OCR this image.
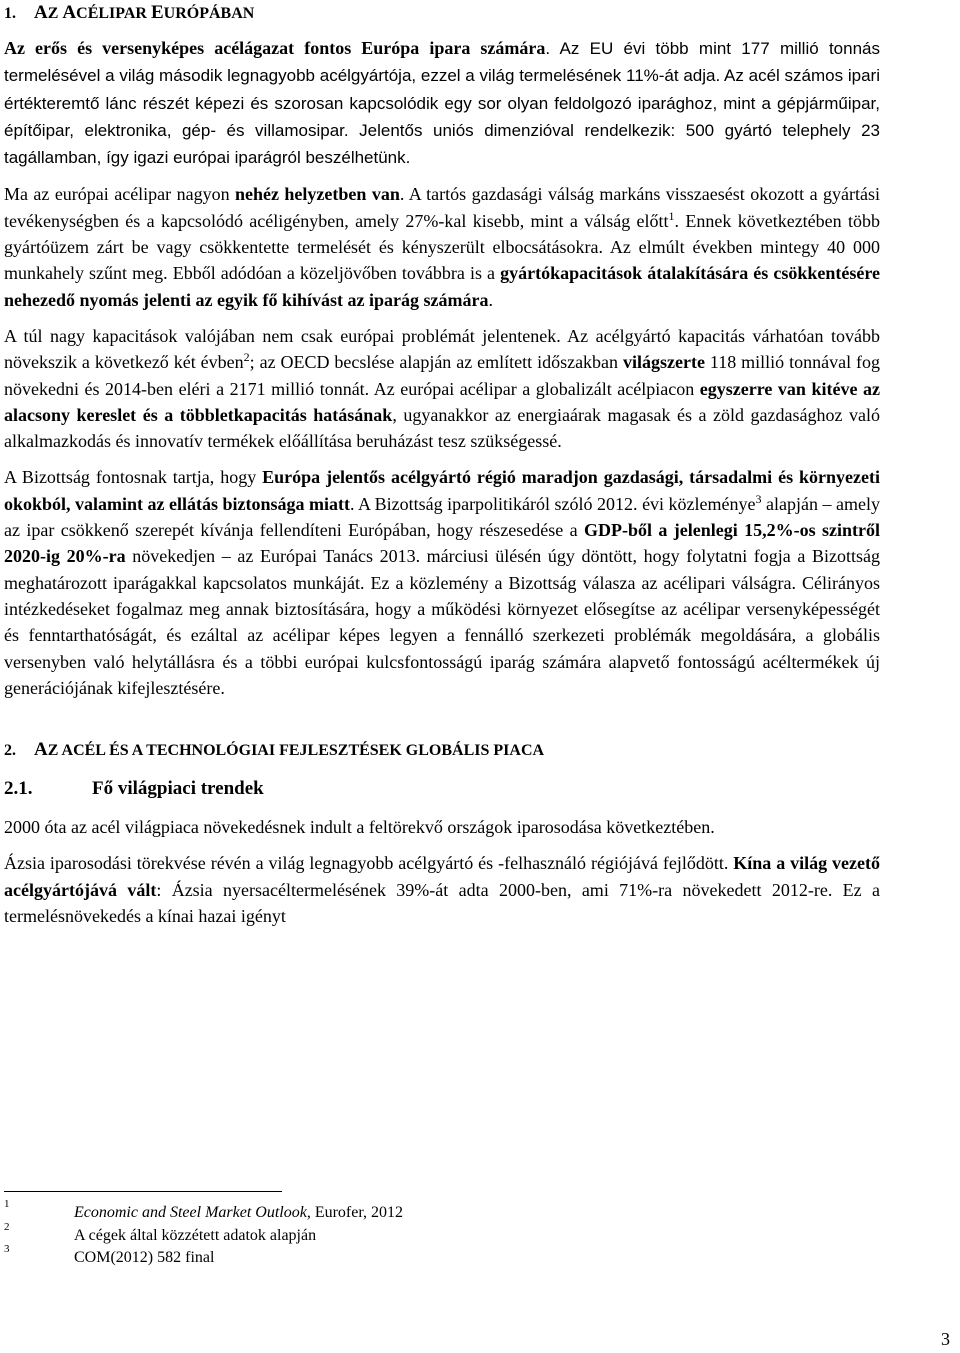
1. AZ ACÉLIPAR EURÓPÁBAN

Az erős és versenyképes acélágazat fontos Európa ipara számára. Az EU évi több mint 177 millió tonnás termelésével a világ második legnagyobb acélgyártója, ezzel a világ termelésének 11%-át adja. Az acél számos ipari értékteremtő lánc részét képezi és szorosan kapcsolódik egy sor olyan feldolgozó iparághoz, mint a gépjárműipar, építőipar, elektronika, gép- és villamosipar. Jelentős uniós dimenzióval rendelkezik: 500 gyártó telephely 23 tagállamban, így igazi európai iparágról beszélhetünk.

Ma az európai acélipar nagyon nehéz helyzetben van. A tartós gazdasági válság markáns visszaesést okozott a gyártási tevékenységben és a kapcsolódó acéligényben, amely 27%-kal kisebb, mint a válság előtt$^1$. Ennek következtében több gyártóüzem zárt be vagy csökkentette termelését és kényszerült elbocsátásokra. Az elmúlt években mintegy 40 000 munkahely szűnt meg. Ebből adódóan a közeljövőben továbbra is a gyártókapacitások átalakítására és csökkentésére nehezedő nyomás jelenti az egyik fő kihívást az iparág számára.

A túl nagy kapacitások valójában nem csak európai problémát jelentenek. Az acélgyártó kapacitás várhatóan tovább növekszik a következő két évben$^2$; az OECD becslése alapján az említett időszakban világszerte 118 millió tonnával fog növekedni és 2014-ben eléri a 2171 millió tonnát. Az európai acélipar a globalizált acélpiacon egyszerre van kitéve az alacsony kereslet és a többletkapacitás hatásának, ugyanakkor az energiaárak magasak és a zöld gazdasághoz való alkalmazkodás és innovatív termékek előállítása beruházást tesz szükségessé.

A Bizottság fontosnak tartja, hogy Európa jelentős acélgyártó régió maradjon gazdasági, társadalmi és környezeti okokból, valamint az ellátás biztonsága miatt. A Bizottság iparpolitikáról szóló 2012. évi közleménye$^3$ alapján – amely az ipar csökkenő szerepét kívánja fellendíteni Európában, hogy részesedése a GDP-ből a jelenlegi 15,2%-os szintről 2020-ig 20%-ra növekedjen – az Európai Tanács 2013. márciusi ülésén úgy döntött, hogy folytatni fogja a Bizottság meghatározott iparágakkal kapcsolatos munkáját. Ez a közlemény a Bizottság válasza az acélipari válságra. Célirányos intézkedéseket fogalmaz meg annak biztosítására, hogy a működési környezet elősegítse az acélipar versenyképességét és fenntarthatóságát, és ezáltal az acélipar képes legyen a fennálló szerkezeti problémák megoldására, a globális versenyben való helytállásra és a többi európai kulcsfontosságú iparág számára alapvető fontosságú acéltermékek új generációjának kifejlesztésére.

2. AZ ACÉL ÉS A TECHNOLÓGIAI FEJLESZTÉSEK GLOBÁLIS PIACA
2.1.	Fő világpiaci trendek

2000 óta az acél világpiaca növekedésnek indult a feltörekvő országok iparosodása következtében.

Ázsia iparosodási törekvése révén a világ legnagyobb acélgyártó és -felhasználó régiójává fejlődött. Kína a világ vezető acélgyártójává vált: Ázsia nyersacéltermelésének 39%-át adta 2000-ben, ami 71%-ra növekedett 2012-re. Ez a termelésnövekedés a kínai hazai igényt

1	Economic and Steel Market Outlook, Eurofer, 2012
2	A cégek által közzétett adatok alapján
3	COM(2012) 582 final
3
